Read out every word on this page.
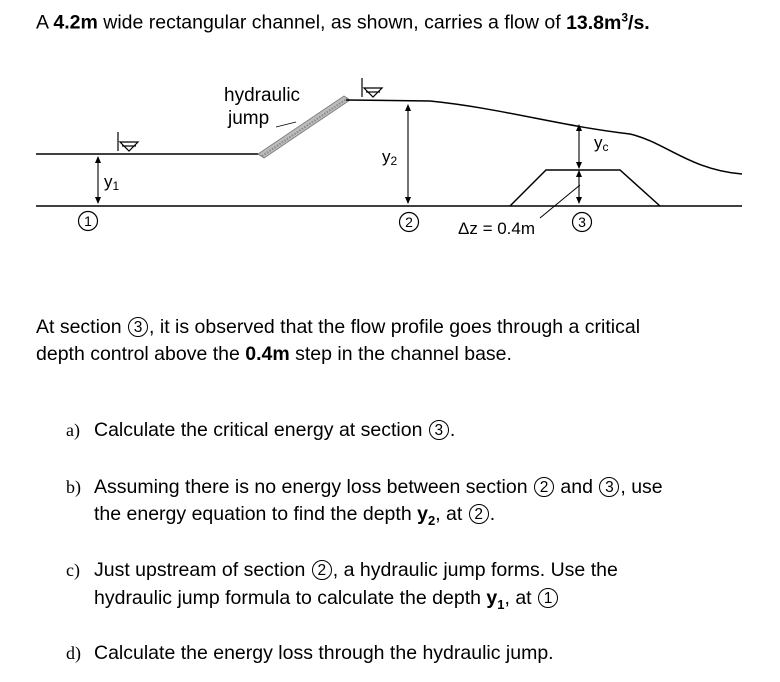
A 4.2m wide rectangular channel, as shown, carries a flow of $13.8m^3/s$.
y1
y2
yc
hydraulic jump
1	2	3
Δz = 0.4m
At section 3 , it is observed that the flow profile goes through a critical
depth control above the 0.4m step in the channel base.
a) Calculate the critical energy at section 3 .
b) Assuming there is no energy loss between section 2 and 3 , use
the energy equation to find the depth $y_2$, at 2 .
c) Just upstream of section 2 , a hydraulic jump forms. Use the
hydraulic jump formula to calculate the depth $y_1$, at 1
d) Calculate the energy loss through the hydraulic jump.
